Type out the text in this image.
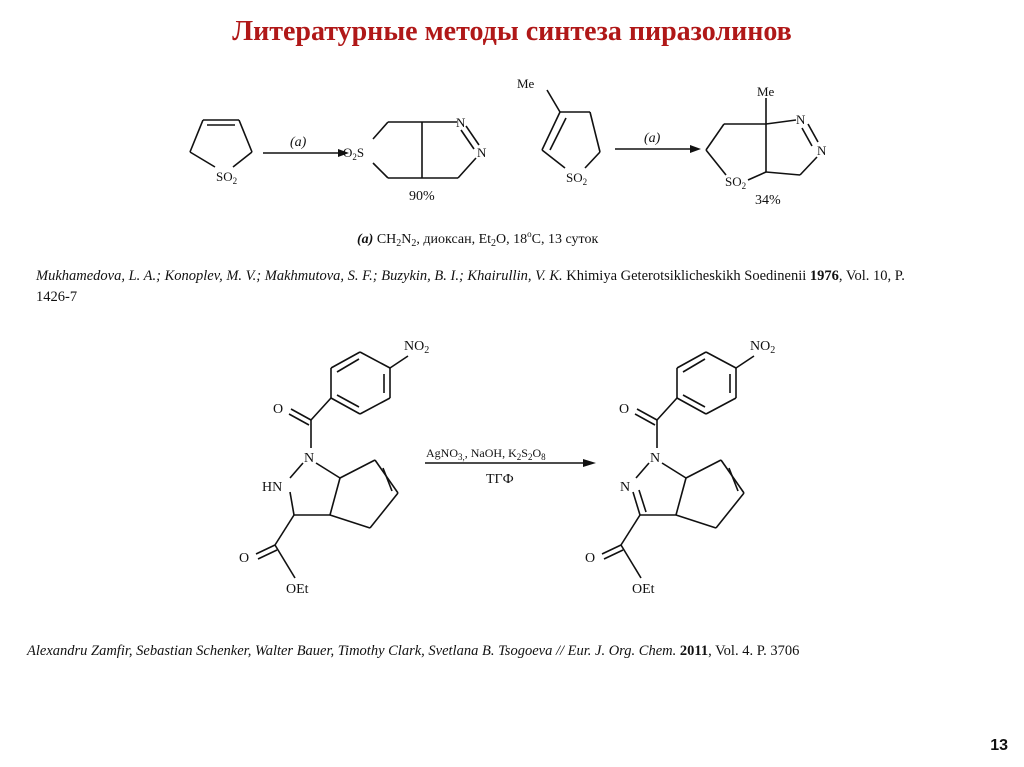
Литературные методы синтеза пиразолинов
$SO_2$
(a)
$O_2S$
N
N
90%
Me
$SO_2$
(a)
Me
N
N
$SO_2$
34%
(a) $CH_2N_2$, диоксан, $Et_2O$, 18$^o$C, 13 суток
$NO_2$
O
N
HN
O
OEt
AgNO$_{3,}$, NaOH, $K_2S_2O_8$
ТГФ
$NO_2$
O
N
N
O
OEt
Mukhamedova, L. A.; Konoplev, M. V.; Makhmutova, S. F.; Buzykin, B. I.; Khairullin, V. K. Khimiya Geterotsiklicheskikh Soedinenii 1976, Vol. 10, P. 1426-7
Alexandru Zamfir, Sebastian Schenker, Walter Bauer, Timothy Clark, Svetlana B. Tsogoeva // Eur. J. Org. Chem. 2011, Vol. 4. P. 3706
13
